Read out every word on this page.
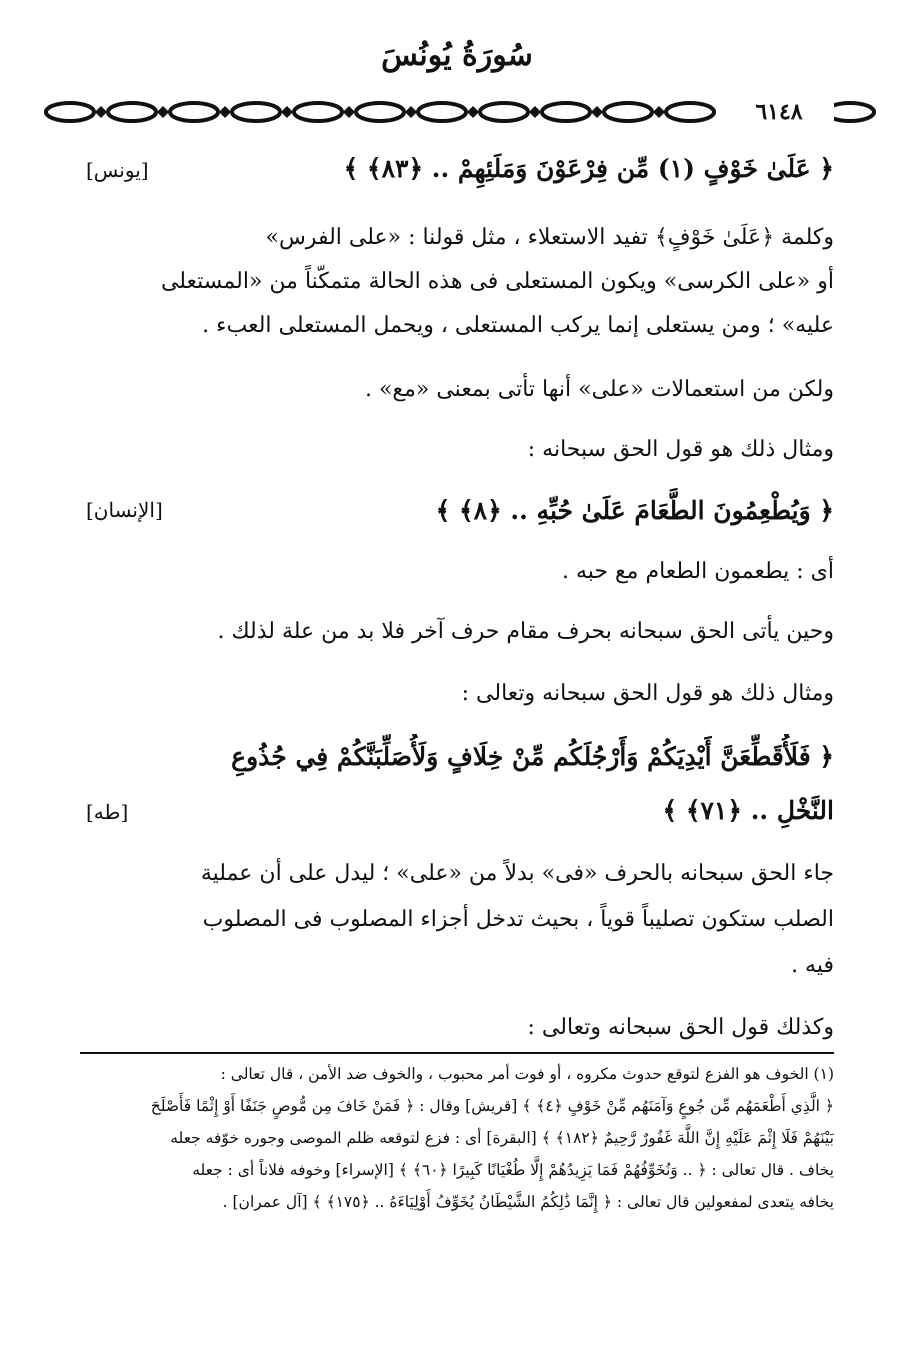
سُورَةُ يُونُسَ
٦١٤٨
﴿ عَلَىٰ خَوْفٍ (١) مِّن فِرْعَوْنَ وَمَلَئِهِمْ .. ﴿٨٣﴾ ﴾
[يونس]
وكلمة ﴿عَلَىٰ خَوْفٍ﴾ تفيد الاستعلاء ، مثل قولنا : «على الفرس»
أو «على الكرسى» ويكون المستعلى فى هذه الحالة متمكّناً من «المستعلى
عليه» ؛ ومن يستعلى إنما يركب المستعلى ، ويحمل المستعلى العبء .
ولكن من استعمالات «على» أنها تأتى بمعنى «مع» .
ومثال ذلك هو قول الحق سبحانه :
﴿ وَيُطْعِمُونَ الطَّعَامَ عَلَىٰ حُبِّهِ .. ﴿٨﴾ ﴾
[الإنسان]
أى : يطعمون الطعام مع حبه .
وحين يأتى الحق سبحانه بحرف مقام حرف آخر فلا بد من علة لذلك .
ومثال ذلك هو قول الحق سبحانه وتعالى :
﴿ فَلَأُقَطِّعَنَّ أَيْدِيَكُمْ وَأَرْجُلَكُم مِّنْ خِلَافٍ وَلَأُصَلِّبَنَّكُمْ فِي جُذُوعِ
النَّخْلِ .. ﴿٧١﴾ ﴾
[طه]
جاء الحق سبحانه بالحرف «فى» بدلاً من «على» ؛ ليدل على أن عملية
الصلب ستكون تصليباً قوياً ، بحيث تدخل أجزاء المصلوب فى المصلوب
فيه .
وكذلك قول الحق سبحانه وتعالى :
(١) الخوف هو الفزع لتوقع حدوث مكروه ، أو فوت أمر محبوب ، والخوف ضد الأمن ، قال تعالى :
﴿ الَّذِي أَطْعَمَهُم مِّن جُوعٍ وَآمَنَهُم مِّنْ خَوْفٍ ﴿٤﴾ ﴾ [قريش] وقال : ﴿ فَمَنْ خَافَ مِن مُّوصٍ جَنَفًا أَوْ إِثْمًا فَأَصْلَحَ
بَيْنَهُمْ فَلَا إِثْمَ عَلَيْهِ إِنَّ اللَّهَ غَفُورٌ رَّحِيمٌ ﴿١٨٢﴾ ﴾ [البقرة] أى : فزع لتوقعه ظلم الموصى وجوره خوّفه جعله
يخاف . قال تعالى : ﴿ .. وَنُخَوِّفُهُمْ فَمَا يَزِيدُهُمْ إِلَّا طُغْيَانًا كَبِيرًا ﴿٦٠﴾ ﴾ [الإسراء] وخوفه فلاناً أى : جعله
يخافه يتعدى لمفعولين قال تعالى : ﴿ إِنَّمَا ذَٰلِكُمُ الشَّيْطَانُ يُخَوِّفُ أَوْلِيَاءَهُ .. ﴿١٧٥﴾ ﴾ [آل عمران] .
